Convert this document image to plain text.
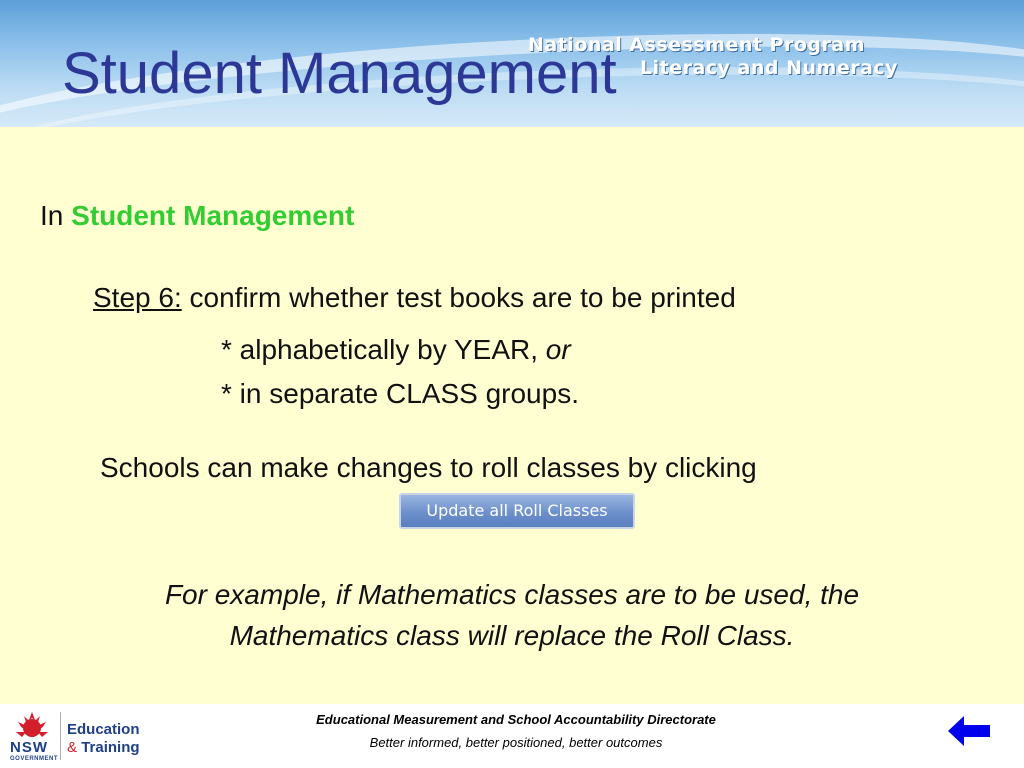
National Assessment Program
Literacy and Numeracy
Student Management
In Student Management
Step 6: confirm whether test books are to be printed
* alphabetically by YEAR, or
* in separate CLASS groups.
Schools can make changes to roll classes by clicking
Update all Roll Classes
For example, if Mathematics classes are to be used, the
Mathematics class will replace the Roll Class.
NSW
GOVERNMENT
Education
& Training
Educational Measurement and School Accountability Directorate
Better informed, better positioned, better outcomes
